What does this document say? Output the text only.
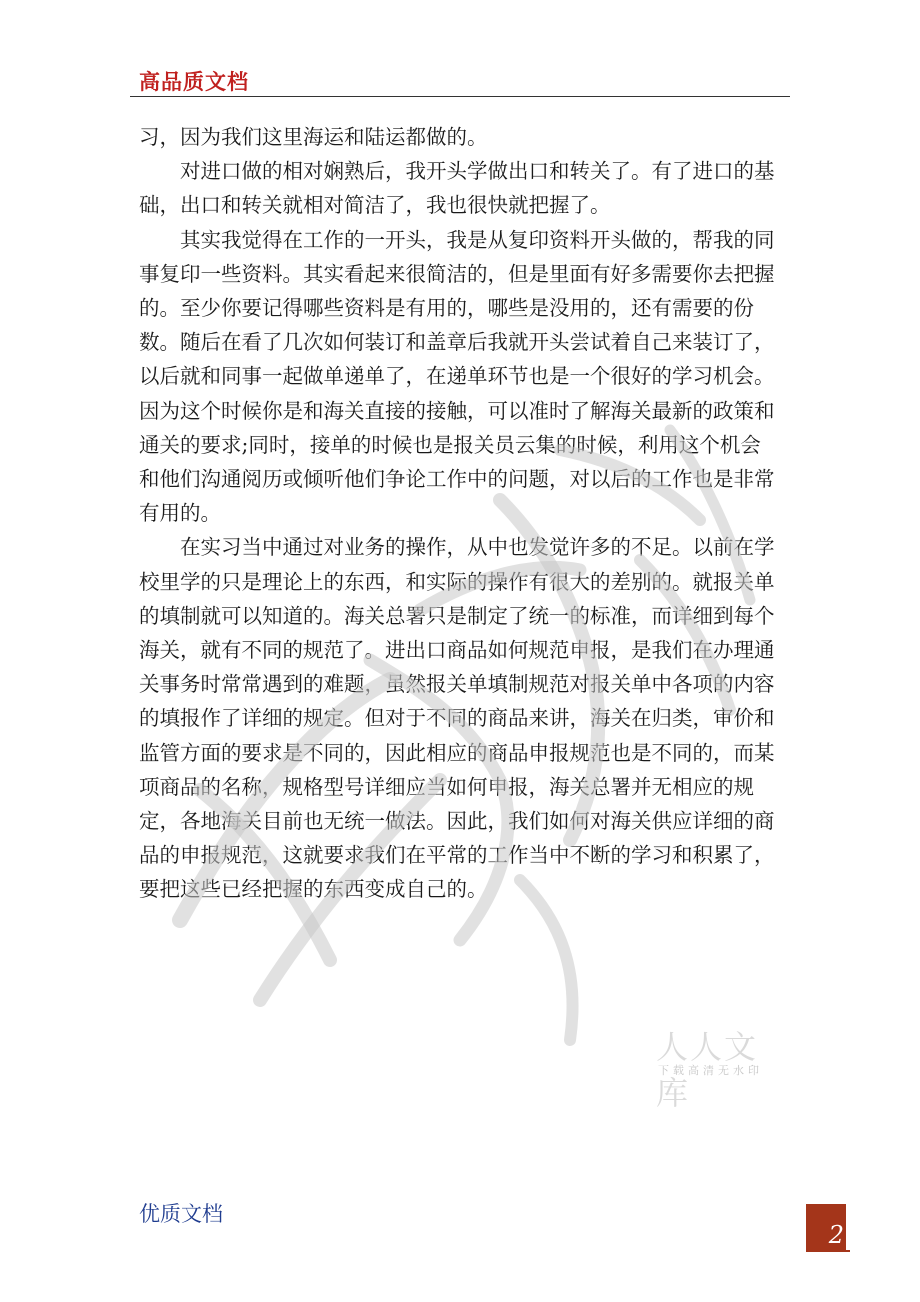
高品质文档

习，因为我们这里海运和陆运都做的。

对进口做的相对娴熟后，我开头学做出口和转关了。有了进口的基础，出口和转关就相对简洁了，我也很快就把握了。

其实我觉得在工作的一开头，我是从复印资料开头做的，帮我的同事复印一些资料。其实看起来很简洁的，但是里面有好多需要你去把握的。至少你要记得哪些资料是有用的，哪些是没用的，还有需要的份数。随后在看了几次如何装订和盖章后我就开头尝试着自己来装订了，以后就和同事一起做单递单了，在递单环节也是一个很好的学习机会。因为这个时候你是和海关直接的接触，可以准时了解海关最新的政策和通关的要求;同时，接单的时候也是报关员云集的时候，利用这个机会和他们沟通阅历或倾听他们争论工作中的问题，对以后的工作也是非常有用的。

在实习当中通过对业务的操作，从中也发觉许多的不足。以前在学校里学的只是理论上的东西，和实际的操作有很大的差别的。就报关单的填制就可以知道的。海关总署只是制定了统一的标准，而详细到每个海关，就有不同的规范了。进出口商品如何规范申报，是我们在办理通关事务时常常遇到的难题，虽然报关单填制规范对报关单中各项的内容的填报作了详细的规定。但对于不同的商品来讲，海关在归类，审价和监管方面的要求是不同的，因此相应的商品申报规范也是不同的，而某项商品的名称，规格型号详细应当如何申报，海关总署并无相应的规定，各地海关目前也无统一做法。因此，我们如何对海关供应详细的商品的申报规范，这就要求我们在平常的工作当中不断的学习和积累了，要把这些已经把握的东西变成自己的。

人人文库
下载高清无水印
优质文档
2
